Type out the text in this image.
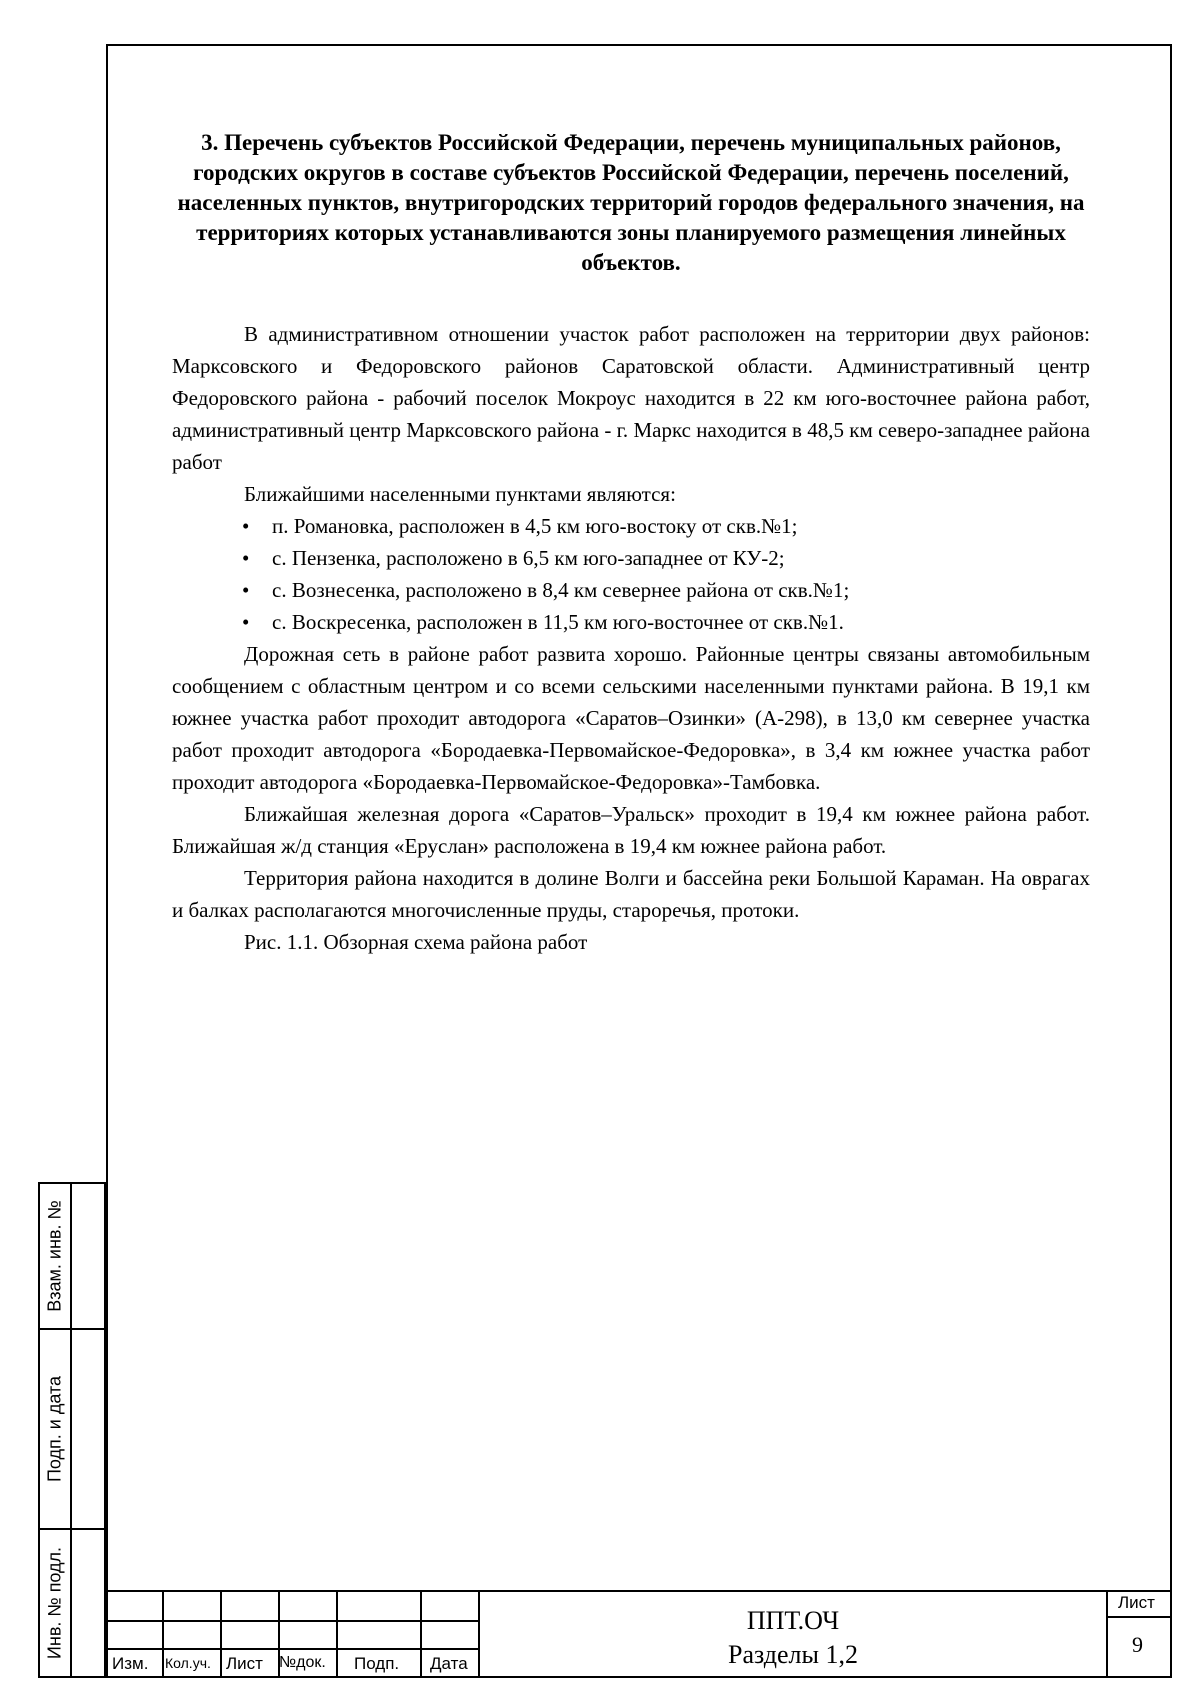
3. Перечень субъектов Российской Федерации, перечень муниципальных районов, городских округов в составе субъектов Российской Федерации, перечень поселений, населенных пунктов, внутригородских территорий городов федерального значения, на территориях которых устанавливаются зоны планируемого размещения линейных объектов.

В административном отношении участок работ расположен на территории двух районов: Марксовского и Федоровского районов Саратовской области. Административный центр Федоровского района - рабочий поселок Мокроус находится в 22 км юго-восточнее района работ, административный центр Марксовского района - г. Маркс находится в 48,5 км северо-западнее района работ

Ближайшими населенными пунктами являются:

• п. Романовка, расположен в 4,5 км юго-востоку от скв.№1;
• с. Пензенка, расположено в 6,5 км юго-западнее от КУ-2;
• с. Вознесенка, расположено в 8,4 км севернее района от скв.№1;
• с. Воскресенка, расположен в 11,5 км юго-восточнее от скв.№1.

Дорожная сеть в районе работ развита хорошо. Районные центры связаны автомобильным сообщением с областным центром и со всеми сельскими населенными пунктами района. В 19,1 км южнее участка работ проходит автодорога «Саратов–Озинки» (А-298), в 13,0 км севернее участка работ проходит автодорога «Бородаевка-Первомайское-Федоровка», в 3,4 км южнее участка работ проходит автодорога «Бородаевка-Первомайское-Федоровка»-Тамбовка.

Ближайшая железная дорога «Саратов–Уральск» проходит в 19,4 км южнее района работ. Ближайшая ж/д станция «Еруслан» расположена в 19,4 км южнее района работ.

Территория района находится в долине Волги и бассейна реки Большой Караман. На оврагах и балках располагаются многочисленные пруды, староречья, протоки.

Рис. 1.1. Обзорная схема района работ

Взам. инв. №
Подп. и дата
Инв. № подл.
Изм. Кол.уч. Лист №док. Подп. Дата
ППТ.ОЧ
Разделы 1,2
Лист
9
